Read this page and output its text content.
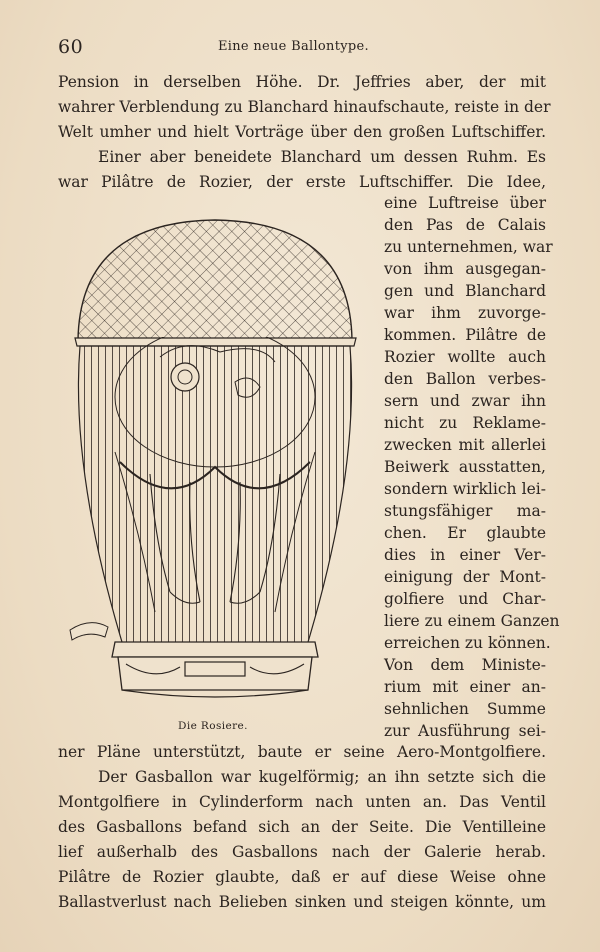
60	Eine neue Ballontype.
Pension in derselben Höhe. Dr. Jeffries aber, der mit
wahrer Verblendung zu Blanchard hinaufschaute, reiste in der
Welt umher und hielt Vorträge über den großen Luftschiffer.
Einer aber beneidete Blanchard um dessen Ruhm. Es
war Pilâtre de Rozier, der erste Luftschiffer. Die Idee,
eine Luftreise über
den Pas de Calais
zu unternehmen, war
von ihm ausgegan-
gen und Blanchard
war ihm zuvorge-
kommen. Pilâtre de
Rozier wollte auch
den Ballon verbes-
sern und zwar ihn
nicht zu Reklame-
zwecken mit allerlei
Beiwerk ausstatten,
sondern wirklich lei-
stungsfähiger ma-
chen. Er glaubte
dies in einer Ver-
einigung der Mont-
golfiere und Char-
liere zu einem Ganzen
erreichen zu können.
Von dem Ministe-
rium mit einer an-
sehnlichen Summe
zur Ausführung sei-
Die Rosiere.
ner Pläne unterstützt, baute er seine Aero-Montgolfiere.
Der Gasballon war kugelförmig; an ihn setzte sich die
Montgolfiere in Cylinderform nach unten an. Das Ventil
des Gasballons befand sich an der Seite. Die Ventilleine
lief außerhalb des Gasballons nach der Galerie herab.
Pilâtre de Rozier glaubte, daß er auf diese Weise ohne
Ballastverlust nach Belieben sinken und steigen könnte, um
